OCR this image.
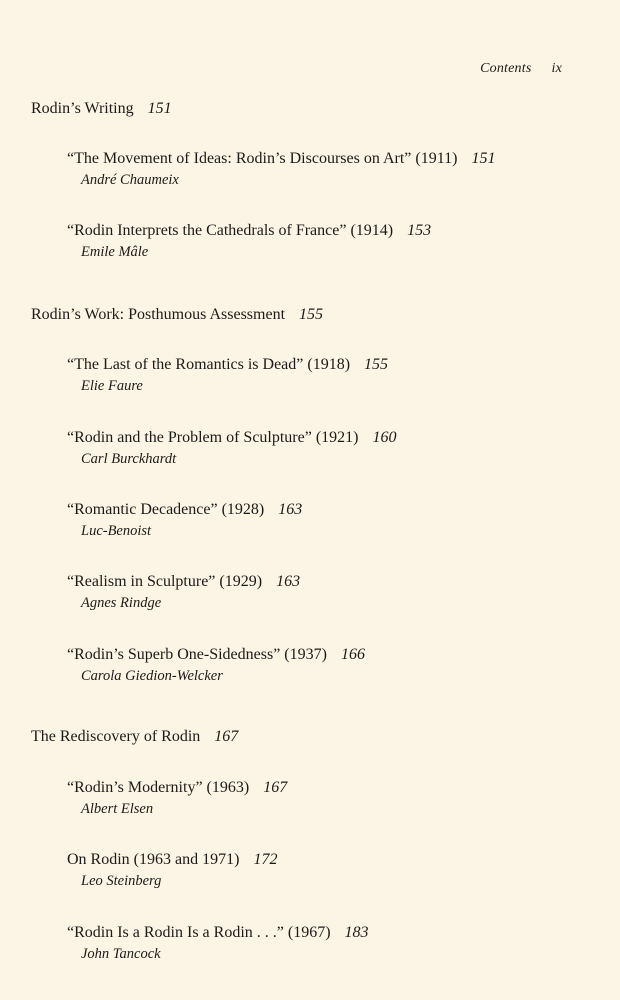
Contents ix
Rodin’s Writing 151
“The Movement of Ideas: Rodin’s Discourses on Art” (1911) 151
André Chaumeix
“Rodin Interprets the Cathedrals of France” (1914) 153
Emile Mâle
Rodin’s Work: Posthumous Assessment 155
“The Last of the Romantics is Dead” (1918) 155
Elie Faure
“Rodin and the Problem of Sculpture” (1921) 160
Carl Burckhardt
“Romantic Decadence” (1928) 163
Luc-Benoist
“Realism in Sculpture” (1929) 163
Agnes Rindge
“Rodin’s Superb One-Sidedness” (1937) 166
Carola Giedion-Welcker
The Rediscovery of Rodin 167
“Rodin’s Modernity” (1963) 167
Albert Elsen
On Rodin (1963 and 1971) 172
Leo Steinberg
“Rodin Is a Rodin Is a Rodin . . .” (1967) 183
John Tancock
